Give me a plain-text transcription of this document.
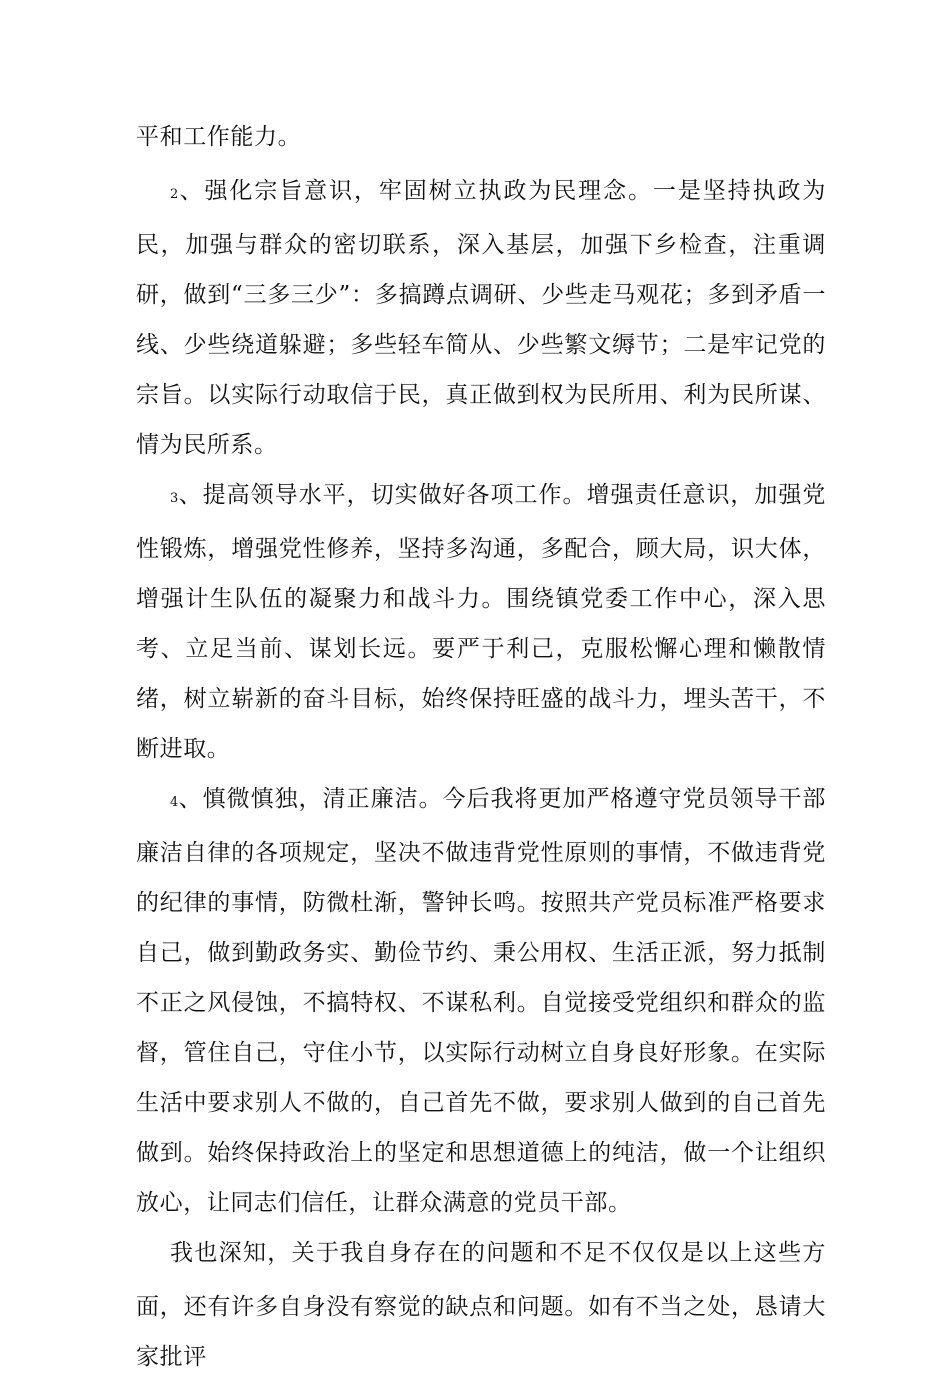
平和工作能力。

2、强化宗旨意识，牢固树立执政为民理念。一是坚持执政为民，加强与群众的密切联系，深入基层，加强下乡检查，注重调研，做到“三多三少”：多搞蹲点调研、少些走马观花；多到矛盾一线、少些绕道躲避；多些轻车简从、少些繁文缛节；二是牢记党的宗旨。以实际行动取信于民，真正做到权为民所用、利为民所谋、情为民所系。

3、提高领导水平，切实做好各项工作。增强责任意识，加强党性锻炼，增强党性修养，坚持多沟通，多配合，顾大局，识大体，增强计生队伍的凝聚力和战斗力。围绕镇党委工作中心，深入思考、立足当前、谋划长远。要严于利己，克服松懈心理和懒散情绪，树立崭新的奋斗目标，始终保持旺盛的战斗力，埋头苦干，不断进取。

4、慎微慎独，清正廉洁。今后我将更加严格遵守党员领导干部廉洁自律的各项规定，坚决不做违背党性原则的事情，不做违背党的纪律的事情，防微杜渐，警钟长鸣。按照共产党员标准严格要求自己，做到勤政务实、勤俭节约、秉公用权、生活正派，努力抵制不正之风侵蚀，不搞特权、不谋私利。自觉接受党组织和群众的监督，管住自己，守住小节，以实际行动树立自身良好形象。在实际生活中要求别人不做的，自己首先不做，要求别人做到的自己首先做到。始终保持政治上的坚定和思想道德上的纯洁，做一个让组织放心，让同志们信任，让群众满意的党员干部。

我也深知，关于我自身存在的问题和不足不仅仅是以上这些方面，还有许多自身没有察觉的缺点和问题。如有不当之处，恳请大家批评
